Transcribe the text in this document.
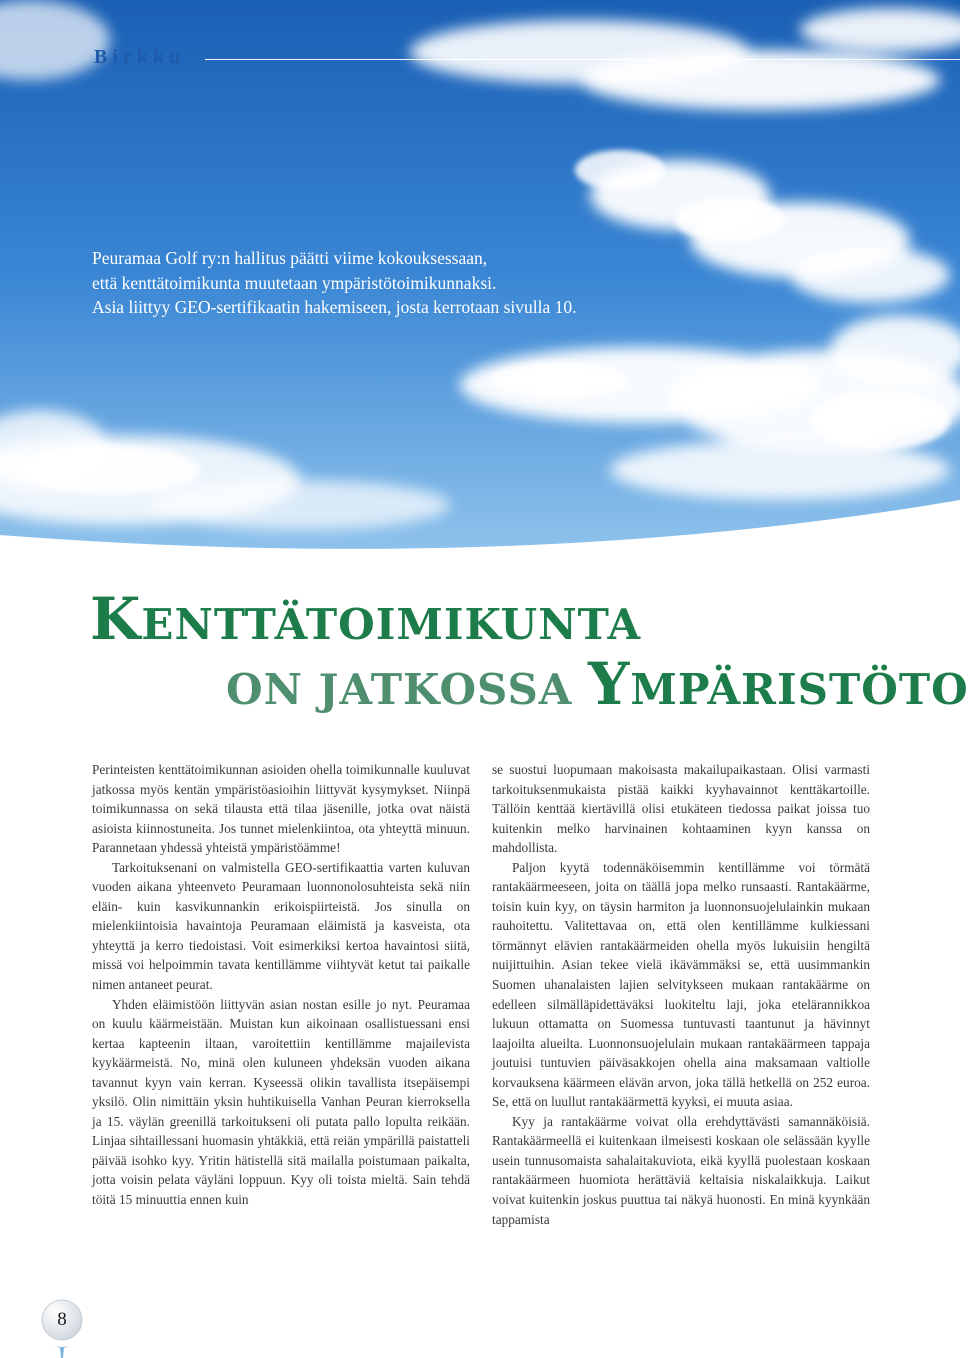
Birkku

Peuramaa Golf ry:n hallitus päätti viime kokouksessaan,
että kenttätoimikunta muutetaan ympäristötoimikunnaksi.
Asia liittyy GEO-sertifikaatin hakemiseen, josta kerrotaan sivulla 10.

KENTTÄTOIMIKUNTA
ON JATKOSSA YMPÄRISTÖTO

Perinteisten kenttätoimikunnan asioiden ohella toimikunnalle kuuluvat jatkossa myös kentän ympäristöasioihin liittyvät kysymykset. Niinpä toimikunnassa on sekä tilausta että tilaa jäsenille, jotka ovat näistä asioista kiinnostuneita. Jos tunnet mielenkiintoa, ota yhteyttä minuun. Parannetaan yhdessä yhteistä ympäristöämme!

Tarkoituksenani on valmistella GEO-sertifikaattia varten kuluvan vuoden aikana yhteenveto Peuramaan luonnonolosuhteista sekä niin eläin- kuin kasvikunnankin erikoispiirteistä. Jos sinulla on mielenkiintoisia havaintoja Peuramaan eläimistä ja kasveista, ota yhteyttä ja kerro tiedoistasi. Voit esimerkiksi kertoa havaintosi siitä, missä voi helpoimmin tavata kentillämme viihtyvät ketut tai paikalle nimen antaneet peurat.

Yhden eläimistöön liittyvän asian nostan esille jo nyt. Peuramaa on kuulu käärmeistään. Muistan kun aikoinaan osallistuessani ensi kertaa kapteenin iltaan, varoitettiin kentillämme majailevista kyykäärmeistä. No, minä olen kuluneen yhdeksän vuoden aikana tavannut kyyn vain kerran. Kyseessä olikin tavallista itsepäisempi yksilö. Olin nimittäin yksin huhtikuisella Vanhan Peuran kierroksella ja 15. väylän greenillä tarkoitukseni oli putata pallo lopulta reikään. Linjaa sihtaillessani huomasin yhtäkkiä, että reiän ympärillä paistatteli päivää isohko kyy. Yritin hätistellä sitä mailalla poistumaan paikalta, jotta voisin pelata väyläni loppuun. Kyy oli toista mieltä. Sain tehdä töitä 15 minuuttia ennen kuin

se suostui luopumaan makoisasta makailupaikastaan. Olisi varmasti tarkoituksenmukaista pistää kaikki kyyhavainnot kenttäkartoille. Tällöin kenttää kiertävillä olisi etukäteen tiedossa paikat joissa tuo kuitenkin melko harvinainen kohtaaminen kyyn kanssa on mahdollista.

Paljon kyytä todennäköisemmin kentillämme voi törmätä rantakäärmeeseen, joita on täällä jopa melko runsaasti. Rantakäärme, toisin kuin kyy, on täysin harmiton ja luonnonsuojelulainkin mukaan rauhoitettu. Valitettavaa on, että olen kentillämme kulkiessani törmännyt elävien rantakäärmeiden ohella myös lukuisiin hengiltä nuijittuihin. Asian tekee vielä ikävämmäksi se, että uusimmankin Suomen uhanalaisten lajien selvitykseen mukaan rantakäärme on edelleen silmälläpidettäväksi luokiteltu laji, joka etelärannikkoa lukuun ottamatta on Suomessa tuntuvasti taantunut ja hävinnyt laajoilta alueilta. Luonnonsuojelulain mukaan rantakäärmeen tappaja joutuisi tuntuvien päiväsakkojen ohella aina maksamaan valtiolle korvauksena käärmeen elävän arvon, joka tällä hetkellä on 252 euroa. Se, että on luullut rantakäärmettä kyyksi, ei muuta asiaa.

Kyy ja rantakäärme voivat olla erehdyttävästi samannäköisiä. Rantakäärmeellä ei kuitenkaan ilmeisesti koskaan ole selässään kyylle usein tunnusomaista sahalaitakuviota, eikä kyyllä puolestaan koskaan rantakäärmeen huomiota herättäviä keltaisia niskalaikkuja. Laikut voivat kuitenkin joskus puuttua tai näkyä huonosti. En minä kyynkään tappamista

8
